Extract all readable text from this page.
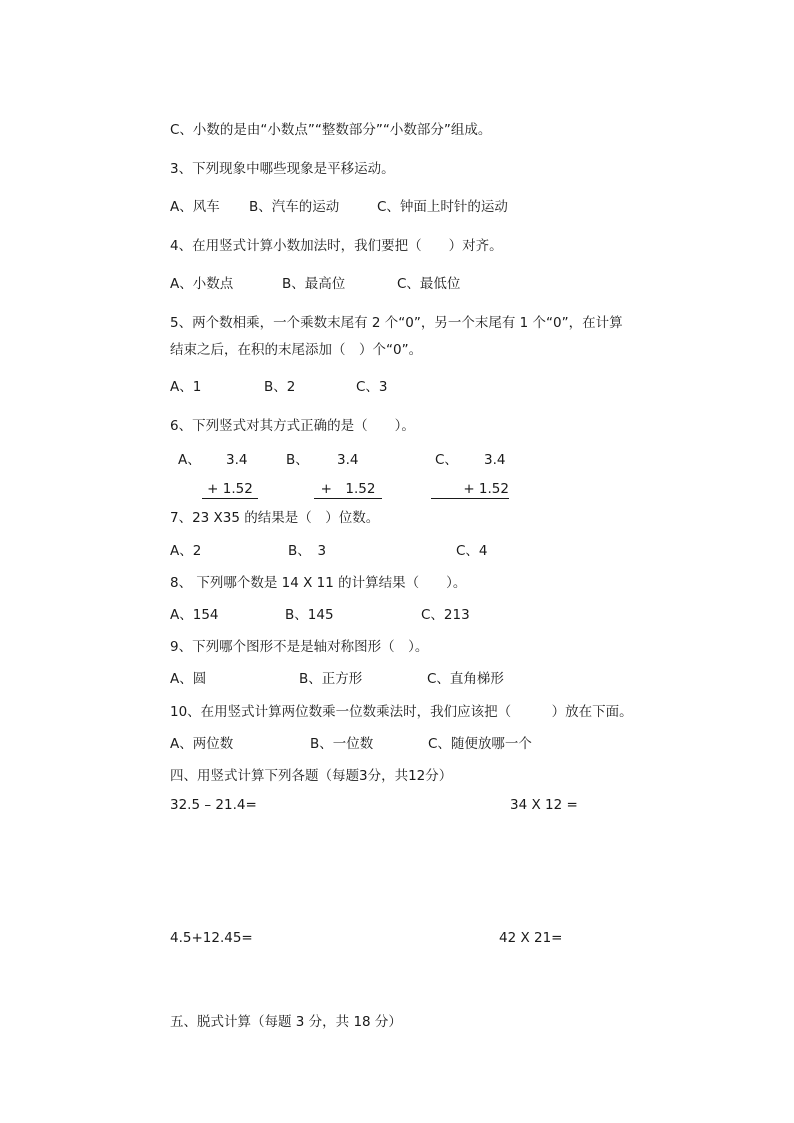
C、小数的是由“小数点”“整数部分”“小数部分”组成。
3、下列现象中哪些现象是平移运动。
A、风车 B、汽车的运动	C、钟面上时针的运动
4、在用竖式计算小数加法时，我们要把（　　）对齐。
A、小数点	B、最高位	C、最低位
5、两个数相乘，一个乘数末尾有 2 个“0”，另一个末尾有 1 个“0”，在计算
结束之后，在积的末尾添加（　）个“0”。
A、1	B、2	C、3
6、下列竖式对其方式正确的是（　　）。
A、 3.4
+ 1.52
B、 3.4
+　1.52
C、 3.4
+ 1.52
7、23 X35 的结果是（　）位数。
A、2	B、　3	C、4
8、 下列哪个数是 14 X 11 的计算结果（　　）。
A、154	B、145	C、213
9、下列哪个图形不是是轴对称图形（　）。
A、圆	B、正方形	C、直角梯形
10、在用竖式计算两位数乘一位数乘法时，我们应该把（　　　）放在下面。
A、两位数	B、一位数	C、随便放哪一个
四、用竖式计算下列各题（每题3分，共12分）
32.5 – 21.4=	34 X 12 =
4.5+12.45=	42 X 21=
五、脱式计算（每题 3 分，共 18 分）
